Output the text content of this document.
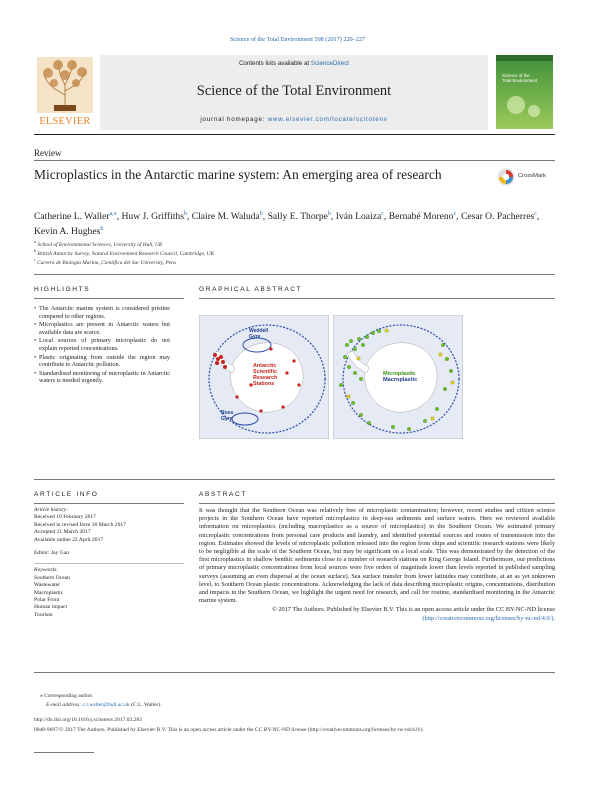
Science of the Total Environment 598 (2017) 220–227
ELSEVIER
Contents lists available at ScienceDirect
Science of the Total Environment
journal homepage: www.elsevier.com/locate/scitotenv
Science of the
Total Environment
Review
Microplastics in the Antarctic marine system: An emerging area of research	CrossMark
Catherine L. Waller$^{a,⁎}$, Huw J. Griffiths$^b$, Claire M. Waluda$^b$, Sally E. Thorpe$^b$, Iván Loaiza$^c$, Bernabé Moreno$^c$, Cesar O. Pacherres$^c$, Kevin A. Hughes$^b$
$^a$ School of Environmental Sciences, University of Hull, UK
$^b$ British Antarctic Survey, Natural Environment Research Council, Cambridge, UK
$^c$ Carrera de Biología Marina, Científica del Sur University, Peru
HIGHLIGHTS
• The Antarctic marine system is considered pristine compared to other regions.
• Microplastics are present in Antarctic waters but available data are scarce.
• Local sources of primary microplastic do not explain reported concentrations.
• Plastic originating from outside the region may contribute to Antarctic pollution.
• Standardised monitoring of microplastic in Antarctic waters is needed urgently.
GRAPHICAL ABSTRACT
Weddell
Gyre
Antarctic
Scientific
Research
Stations
Ross
Gyre
Microplastic
Macroplastic
ARTICLE INFO
Article history:
Received 10 February 2017
Received in revised form 30 March 2017
Accepted 31 March 2017
Available online 22 April 2017
Editor: Jay Gan
Keywords:
Southern Ocean
Wastewater
Macroplastic
Polar Front
Human impact
Tourism
ABSTRACT

It was thought that the Southern Ocean was relatively free of microplastic contamination; however, recent studies and citizen science projects in the Southern Ocean have reported microplastics in deep-sea sediments and surface waters. Here we reviewed available information on microplastics (including macroplastics as a source of microplastics) in the Southern Ocean. We estimated primary microplastic concentrations from personal care products and laundry, and identified potential sources and routes of transmission into the region. Estimates showed the levels of microplastic pollution released into the region from ships and scientific research stations were likely to be negligible at the scale of the Southern Ocean, but may be significant on a local scale. This was demonstrated by the detection of the first microplastics in shallow benthic sediments close to a number of research stations on King George Island. Furthermore, our predictions of primary microplastic concentrations from local sources were five orders of magnitude lower than levels reported in published sampling surveys (assuming an even dispersal at the ocean surface). Sea surface transfer from lower latitudes may contribute, at an as yet unknown level, to Southern Ocean plastic concentrations. Acknowledging the lack of data describing microplastic origins, concentrations, distribution and impacts in the Southern Ocean, we highlight the urgent need for research, and call for routine, standardised monitoring in the Antarctic marine system.

© 2017 The Authors. Published by Elsevier B.V. This is an open access article under the CC BY-NC-ND license (http://creativecommons.org/licenses/by-nc-nd/4.0/).

⁎ Corresponding author.
E-mail address: c.l.waller@hull.ac.uk (C.L. Waller).
http://dx.doi.org/10.1016/j.scitotenv.2017.03.283
0048-9697/© 2017 The Authors. Published by Elsevier B.V. This is an open access article under the CC BY-NC-ND license (http://creativecommons.org/licenses/by-nc-nd/4.0/).
